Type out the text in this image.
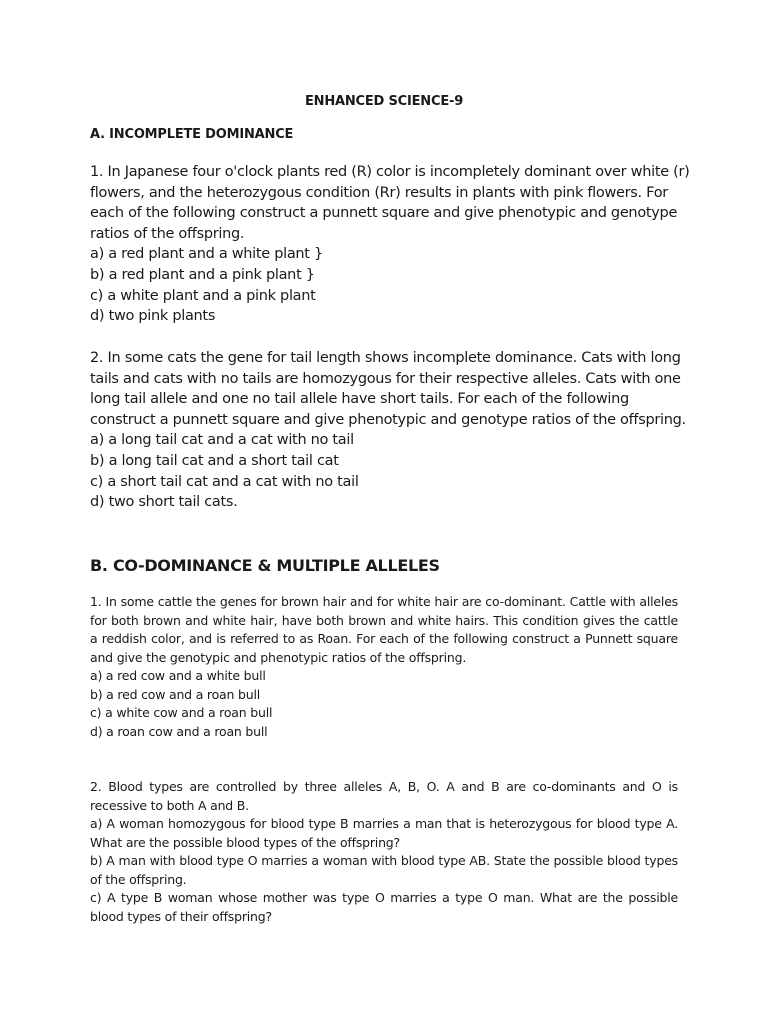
ENHANCED SCIENCE-9
A. INCOMPLETE DOMINANCE

1. In Japanese four o'clock plants red (R) color is incompletely dominant over white (r) flowers, and the heterozygous condition (Rr) results in plants with pink flowers. For each of the following construct a punnett square and give phenotypic and genotype ratios of the offspring.

a) a red plant and a white plant }

b) a red plant and a pink plant }

c) a white plant and a pink plant

d) two pink plants

2. In some cats the gene for tail length shows incomplete dominance. Cats with long tails and cats with no tails are homozygous for their respective alleles. Cats with one long tail allele and one no tail allele have short tails. For each of the following construct a punnett square and give phenotypic and genotype ratios of the offspring.

a) a long tail cat and a cat with no tail

b) a long tail cat and a short tail cat

c) a short tail cat and a cat with no tail

d) two short tail cats.

B. CO-DOMINANCE & MULTIPLE ALLELES

1. In some cattle the genes for brown hair and for white hair are co-dominant. Cattle with alleles for both brown and white hair, have both brown and white hairs. This condition gives the cattle a reddish color, and is referred to as Roan. For each of the following construct a Punnett square and give the genotypic and phenotypic ratios of the offspring.

a) a red cow and a white bull

b) a red cow and a roan bull

c) a white cow and a roan bull

d) a roan cow and a roan bull

2. Blood types are controlled by three alleles A, B, O. A and B are co-dominants and O is recessive to both A and B.

a) A woman homozygous for blood type B marries a man that is heterozygous for blood type A. What are the possible blood types of the offspring?

b) A man with blood type O marries a woman with blood type AB. State the possible blood types of the offspring.

c) A type B woman whose mother was type O marries a type O man. What are the possible blood types of their offspring?
